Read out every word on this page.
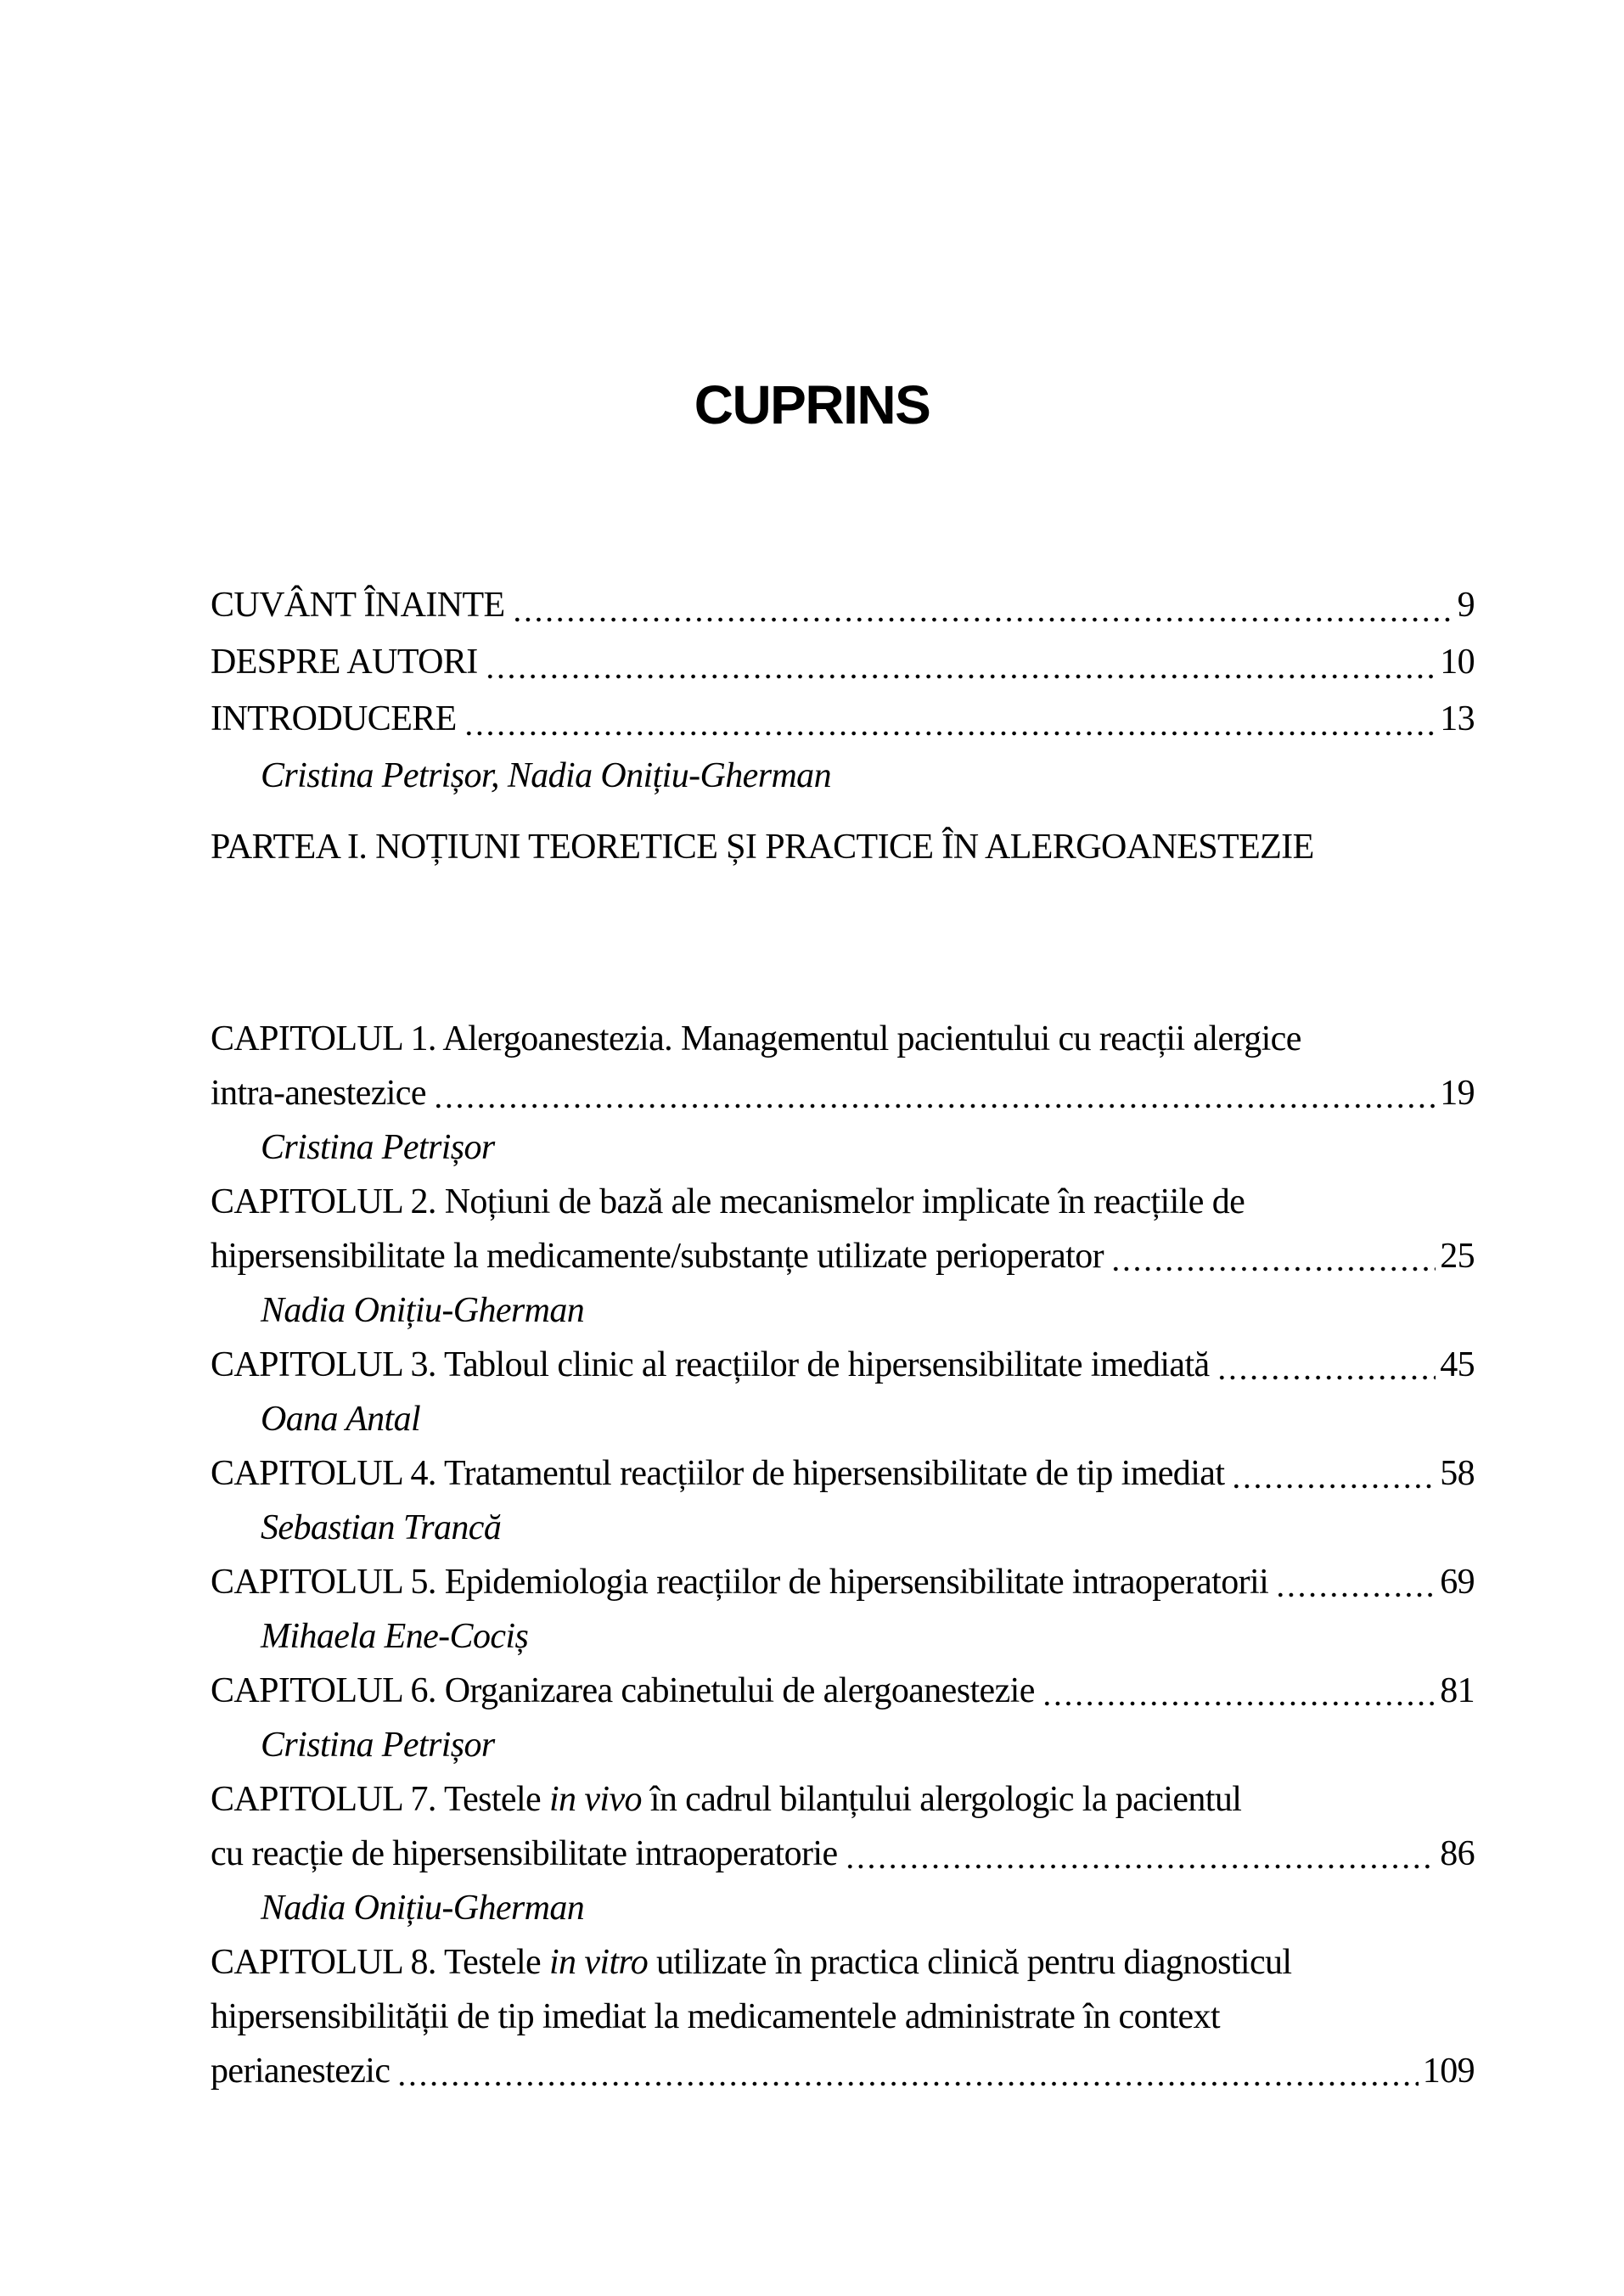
CUPRINS
CUVÂNT ÎNAINTE	9
DESPRE AUTORI	10
INTRODUCERE	13
Cristina Petrișor, Nadia Onițiu-Gherman
PARTEA I. NOȚIUNI TEORETICE ȘI PRACTICE ÎN ALERGOANESTEZIE
CAPITOLUL 1. Alergoanestezia. Managementul pacientului cu reacții alergice
intra-anestezice	19
Cristina Petrișor
CAPITOLUL 2. Noțiuni de bază ale mecanismelor implicate în reacțiile de
hipersensibilitate la medicamente/substanțe utilizate perioperator	25
Nadia Onițiu-Gherman
CAPITOLUL 3. Tabloul clinic al reacțiilor de hipersensibilitate imediată	45
Oana Antal
CAPITOLUL 4. Tratamentul reacțiilor de hipersensibilitate de tip imediat	58
Sebastian Trancă
CAPITOLUL 5. Epidemiologia reacțiilor de hipersensibilitate intraoperatorii	69
Mihaela Ene-Cociș
CAPITOLUL 6. Organizarea cabinetului de alergoanestezie	81
Cristina Petrișor
CAPITOLUL 7. Testele in vivo în cadrul bilanțului alergologic la pacientul
cu reacție de hipersensibilitate intraoperatorie	86
Nadia Onițiu-Gherman
CAPITOLUL 8. Testele in vitro utilizate în practica clinică pentru diagnosticul
hipersensibilității de tip imediat la medicamentele administrate în context
perianestezic	109
